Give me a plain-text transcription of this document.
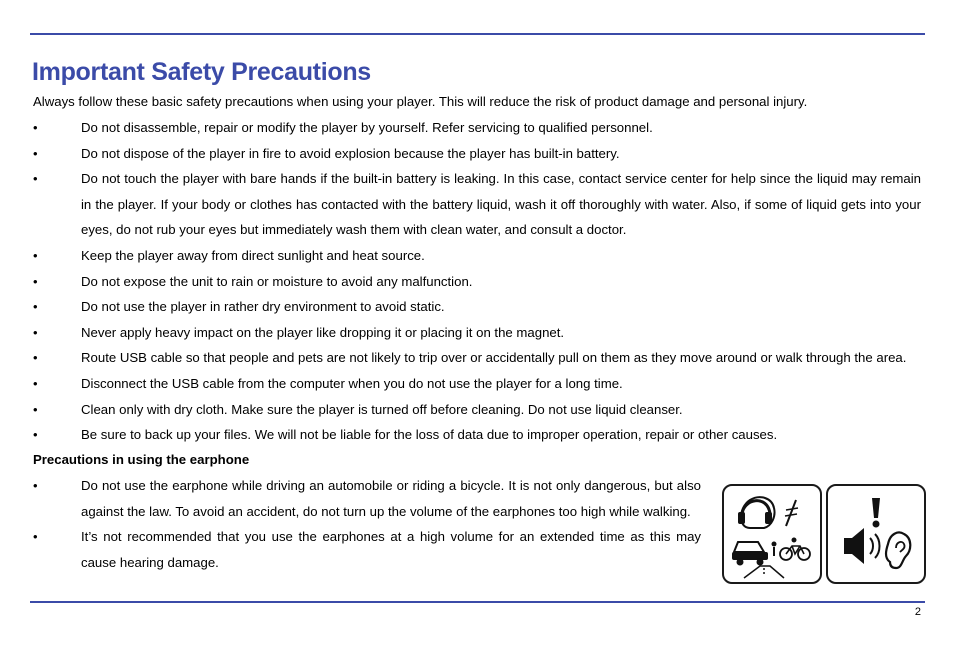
Important Safety Precautions
Always follow these basic safety precautions when using your player. This will reduce the risk of product damage and personal injury.
•	Do not disassemble, repair or modify the player by yourself. Refer servicing to qualified personnel.
•	Do not dispose of the player in fire to avoid explosion because the player has built-in battery.
•	Do not touch the player with bare hands if the built-in battery is leaking. In this case, contact service center for help since the liquid may remain in the player. If your body or clothes has contacted with the battery liquid, wash it off thoroughly with water. Also, if some of liquid gets into your eyes, do not rub your eyes but immediately wash them with clean water, and consult a doctor.
•	Keep the player away from direct sunlight and heat source.
•	Do not expose the unit to rain or moisture to avoid any malfunction.
•	Do not use the player in rather dry environment to avoid static.
•	Never apply heavy impact on the player like dropping it or placing it on the magnet.
•	Route USB cable so that people and pets are not likely to trip over or accidentally pull on them as they move around or walk through the area.
•	Disconnect the USB cable from the computer when you do not use the player for a long time.
•	Clean only with dry cloth. Make sure the player is turned off before cleaning. Do not use liquid cleanser.
•	Be sure to back up your files. We will not be liable for the loss of data due to improper operation, repair or other causes.
Precautions in using the earphone
•	Do not use the earphone while driving an automobile or riding a bicycle. It is not only dangerous, but also against the law. To avoid an accident, do not turn up the volume of the earphones too high while walking.
•	It’s not recommended that you use the earphones at a high volume for an extended time as this may cause hearing damage.
2
